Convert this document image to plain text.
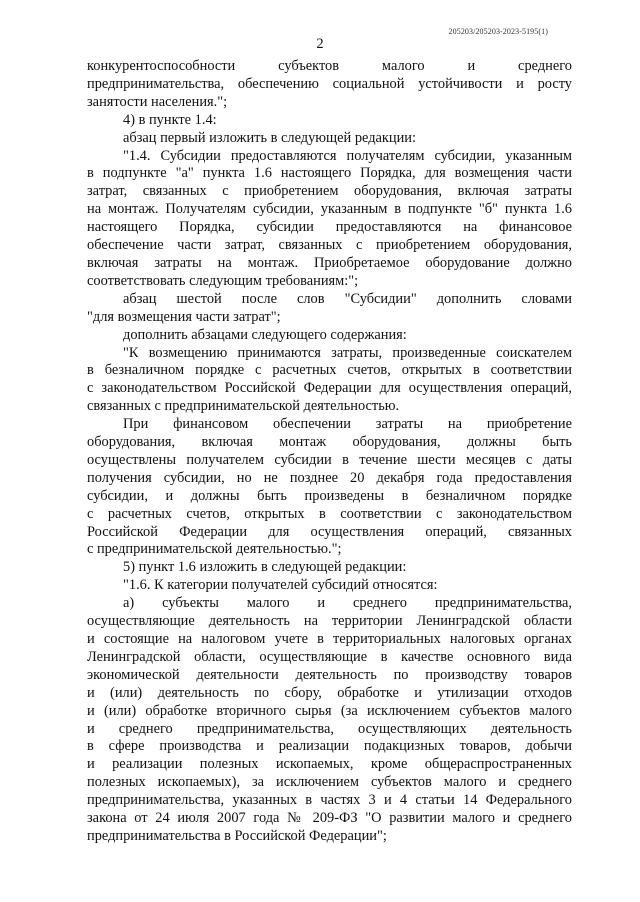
205203/205203-2023-5195(1)
2
конкурентоспособности субъектов малого и среднего
предпринимательства, обеспечению социальной устойчивости и росту
занятости населения.";
4) в пункте 1.4:
абзац первый изложить в следующей редакции:
"1.4. Субсидии предоставляются получателям субсидии, указанным
в подпункте "а" пункта 1.6 настоящего Порядка, для возмещения части
затрат, связанных с приобретением оборудования, включая затраты
на монтаж. Получателям субсидии, указанным в подпункте "б" пункта 1.6
настоящего Порядка, субсидии предоставляются на финансовое
обеспечение части затрат, связанных с приобретением оборудования,
включая затраты на монтаж. Приобретаемое оборудование должно
соответствовать следующим требованиям:";
абзац шестой после слов "Субсидии" дополнить словами
"для возмещения части затрат";
дополнить абзацами следующего содержания:
"К возмещению принимаются затраты, произведенные соискателем
в безналичном порядке с расчетных счетов, открытых в соответствии
с законодательством Российской Федерации для осуществления операций,
связанных с предпринимательской деятельностью.
При финансовом обеспечении затраты на приобретение
оборудования, включая монтаж оборудования, должны быть
осуществлены получателем субсидии в течение шести месяцев с даты
получения субсидии, но не позднее 20 декабря года предоставления
субсидии, и должны быть произведены в безналичном порядке
с расчетных счетов, открытых в соответствии с законодательством
Российской Федерации для осуществления операций, связанных
с предпринимательской деятельностью.";
5) пункт 1.6 изложить в следующей редакции:
"1.6. К категории получателей субсидий относятся:
а) субъекты малого и среднего предпринимательства,
осуществляющие деятельность на территории Ленинградской области
и состоящие на налоговом учете в территориальных налоговых органах
Ленинградской области, осуществляющие в качестве основного вида
экономической деятельности деятельность по производству товаров
и (или) деятельность по сбору, обработке и утилизации отходов
и (или) обработке вторичного сырья (за исключением субъектов малого
и среднего предпринимательства, осуществляющих деятельность
в сфере производства и реализации подакцизных товаров, добычи
и реализации полезных ископаемых, кроме общераспространенных
полезных ископаемых), за исключением субъектов малого и среднего
предпринимательства, указанных в частях 3 и 4 статьи 14 Федерального
закона от 24 июля 2007 года № 209-ФЗ "О развитии малого и среднего
предпринимательства в Российской Федерации";
